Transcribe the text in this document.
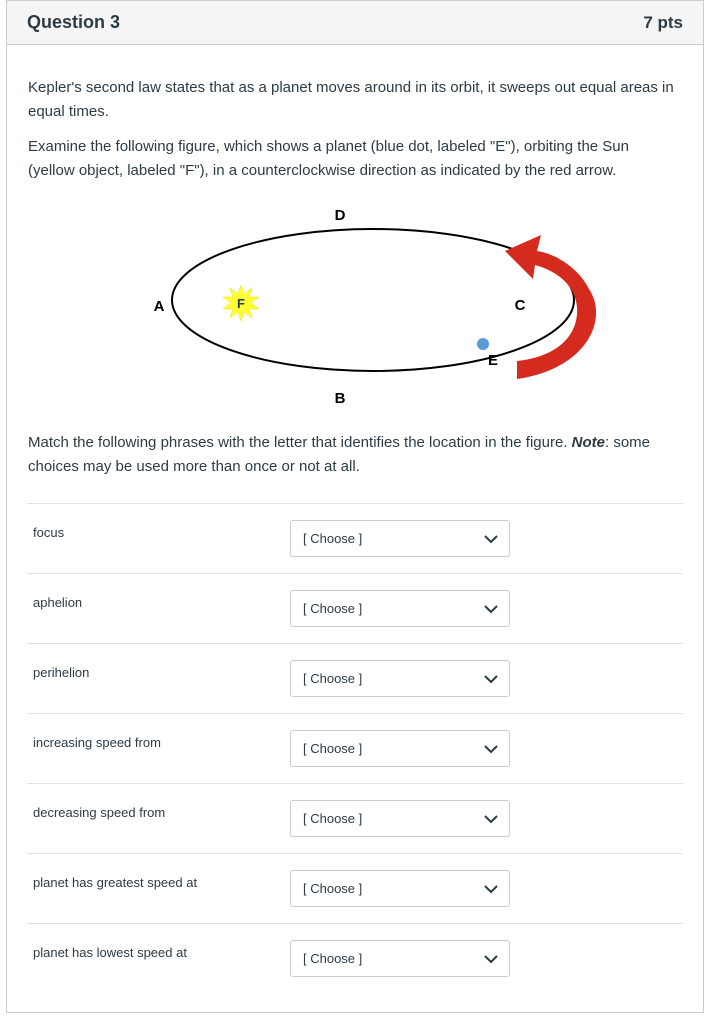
Question 3	7 pts

Kepler's second law states that as a planet moves around in its orbit, it sweeps out equal areas in equal times.

Examine the following figure, which shows a planet (blue dot, labeled "E"), orbiting the Sun (yellow object, labeled "F"), in a counterclockwise direction as indicated by the red arrow.

F
D
A	C
E
B

Match the following phrases with the letter that identifies the location in the figure. Note: some choices may be used more than once or not at all.

focus	[ Choose ]
aphelion	[ Choose ]
perihelion	[ Choose ]
increasing speed from	[ Choose ]
decreasing speed from	[ Choose ]
planet has greatest speed at	[ Choose ]
planet has lowest speed at	[ Choose ]
